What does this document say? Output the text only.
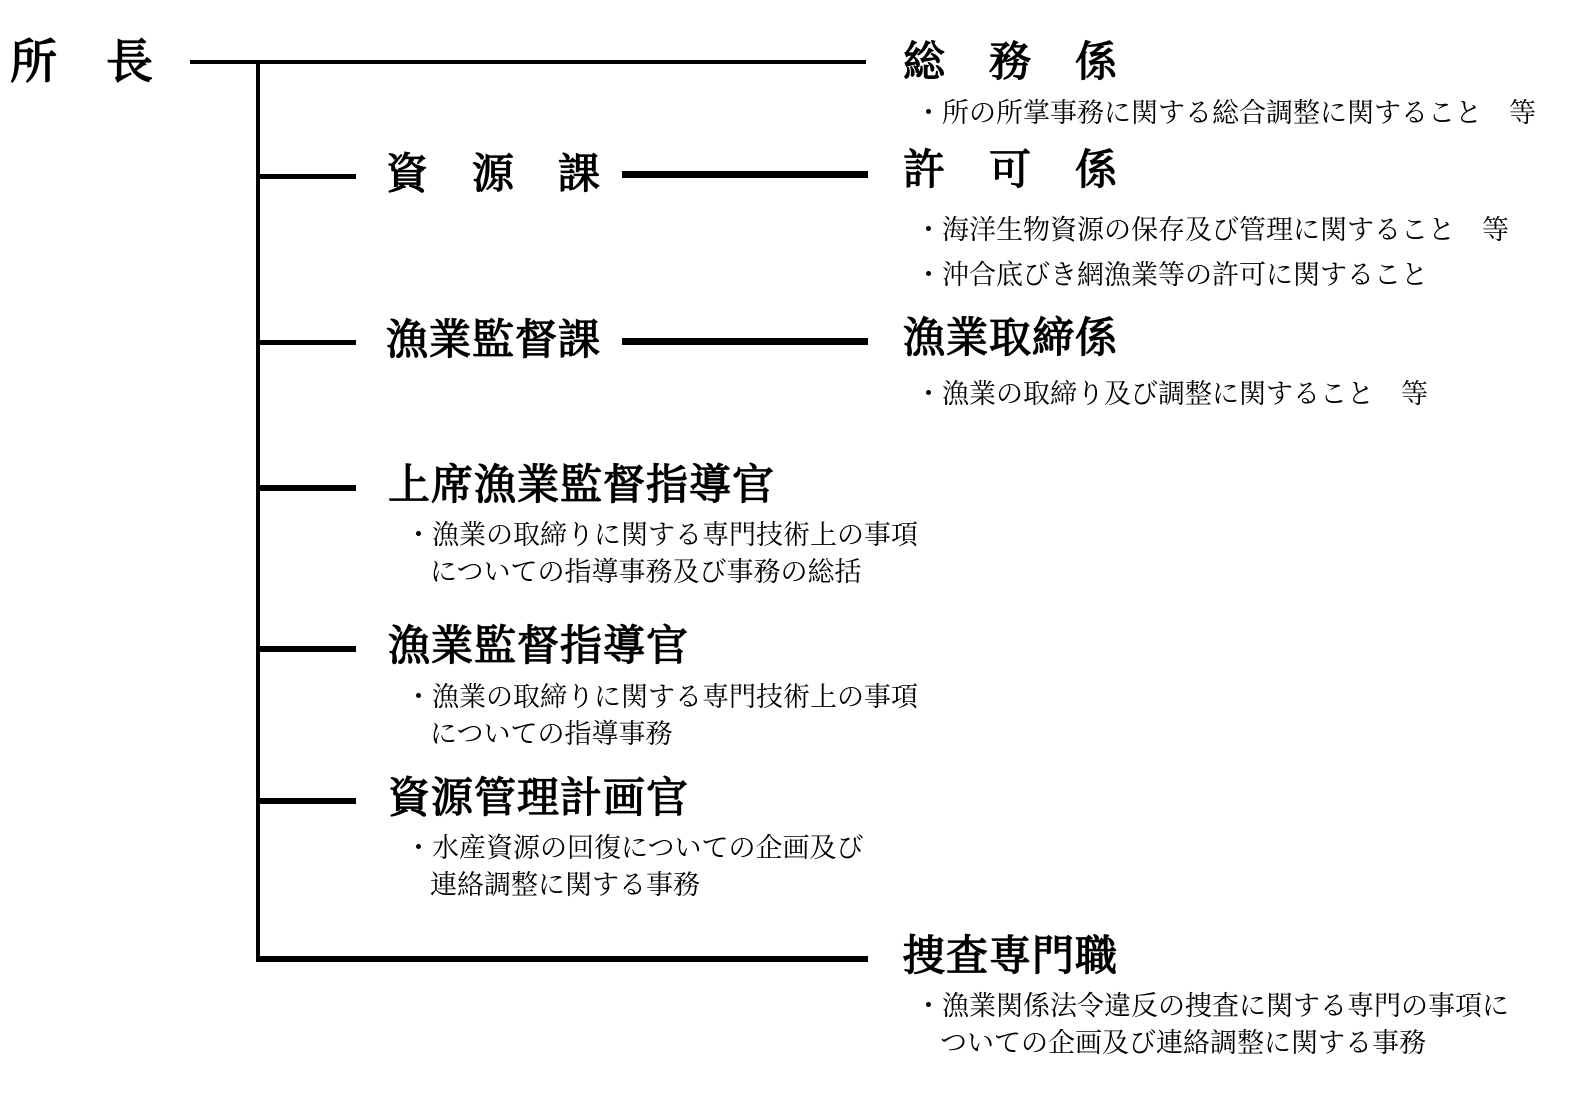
所　長	総　務　係
・所の所掌事務に関する総合調整に関すること　等
資　源　課	許　可　係
・海洋生物資源の保存及び管理に関すること　等
・沖合底びき網漁業等の許可に関すること
漁業監督課	漁業取締係
・漁業の取締り及び調整に関すること　等
上席漁業監督指導官
・漁業の取締りに関する専門技術上の事項
についての指導事務及び事務の総括
漁業監督指導官
・漁業の取締りに関する専門技術上の事項
についての指導事務
資源管理計画官
・水産資源の回復についての企画及び
連絡調整に関する事務
捜査専門職
・漁業関係法令違反の捜査に関する専門の事項に
ついての企画及び連絡調整に関する事務
